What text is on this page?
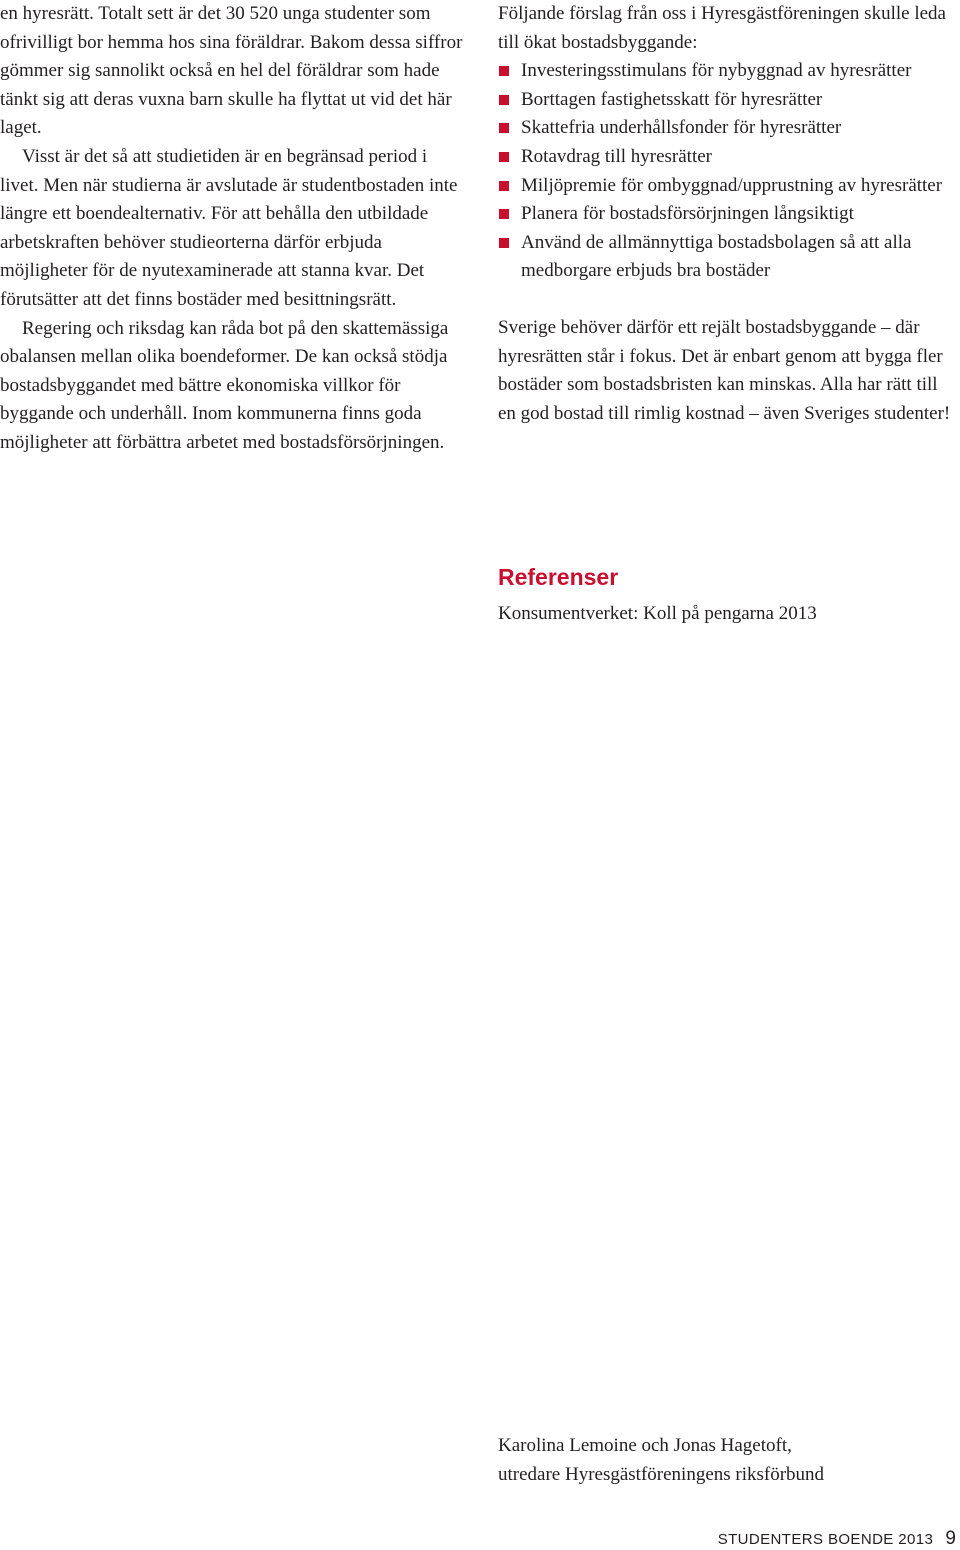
en hyresrätt. Totalt sett är det 30 520 unga studenter som ofrivilligt bor hemma hos sina föräldrar. Bakom dessa siffror gömmer sig sannolikt också en hel del föräldrar som hade tänkt sig att deras vuxna barn skulle ha flyttat ut vid det här laget.

Visst är det så att studietiden är en begränsad period i livet. Men när studierna är avslutade är studentbostaden inte längre ett boendealternativ. För att behålla den utbildade arbetskraften behöver studieorterna därför erbjuda möjligheter för de nyutexaminerade att stanna kvar. Det förutsätter att det finns bostäder med besittningsrätt.

Regering och riksdag kan råda bot på den skattemässiga obalansen mellan olika boendeformer. De kan också stödja bostadsbyggandet med bättre ekonomiska villkor för byggande och underhåll. Inom kommunerna finns goda möjligheter att förbättra arbetet med bostadsförsörjningen.

Följande förslag från oss i Hyresgästföreningen skulle leda till ökat bostadsbyggande:

Investeringsstimulans för nybyggnad av hyresrätter
Borttagen fastighetsskatt för hyresrätter
Skattefria underhållsfonder för hyresrätter
Rotavdrag till hyresrätter
Miljöpremie för ombyggnad/upprustning av hyresrätter
Planera för bostadsförsörjningen långsiktigt
Använd de allmännyttiga bostadsbolagen så att alla medborgare erbjuds bra bostäder

Sverige behöver därför ett rejält bostadsbyggande – där hyresrätten står i fokus. Det är enbart genom att bygga fler bostäder som bostadsbristen kan minskas. Alla har rätt till en god bostad till rimlig kostnad – även Sveriges studenter!

Referenser

Konsumentverket: Koll på pengarna 2013

Karolina Lemoine och Jonas Hagetoft,
utredare Hyresgästföreningens riksförbund
STUDENTERS BOENDE 2013 9
